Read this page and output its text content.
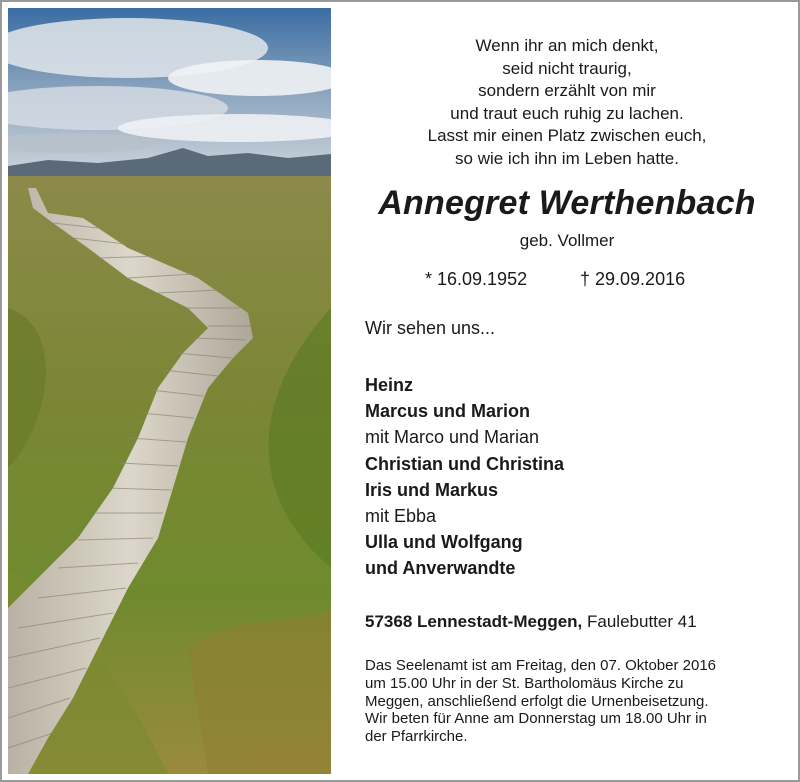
Wenn ihr an mich denkt,
seid nicht traurig,
sondern erzählt von mir
und traut euch ruhig zu lachen.
Lasst mir einen Platz zwischen euch,
so wie ich ihn im Leben hatte.
Annegret Werthenbach
geb. Vollmer
* 16.09.1952	† 29.09.2016
Wir sehen uns...
Heinz
Marcus und Marion
mit Marco und Marian
Christian und Christina
Iris und Markus
mit Ebba
Ulla und Wolfgang
und Anverwandte
57368 Lennestadt-Meggen, Faulebutter 41
Das Seelenamt ist am Freitag, den 07. Oktober 2016
um 15.00 Uhr in der St. Bartholomäus Kirche zu
Meggen, anschließend erfolgt die Urnenbeisetzung.
Wir beten für Anne am Donnerstag um 18.00 Uhr in
der Pfarrkirche.
